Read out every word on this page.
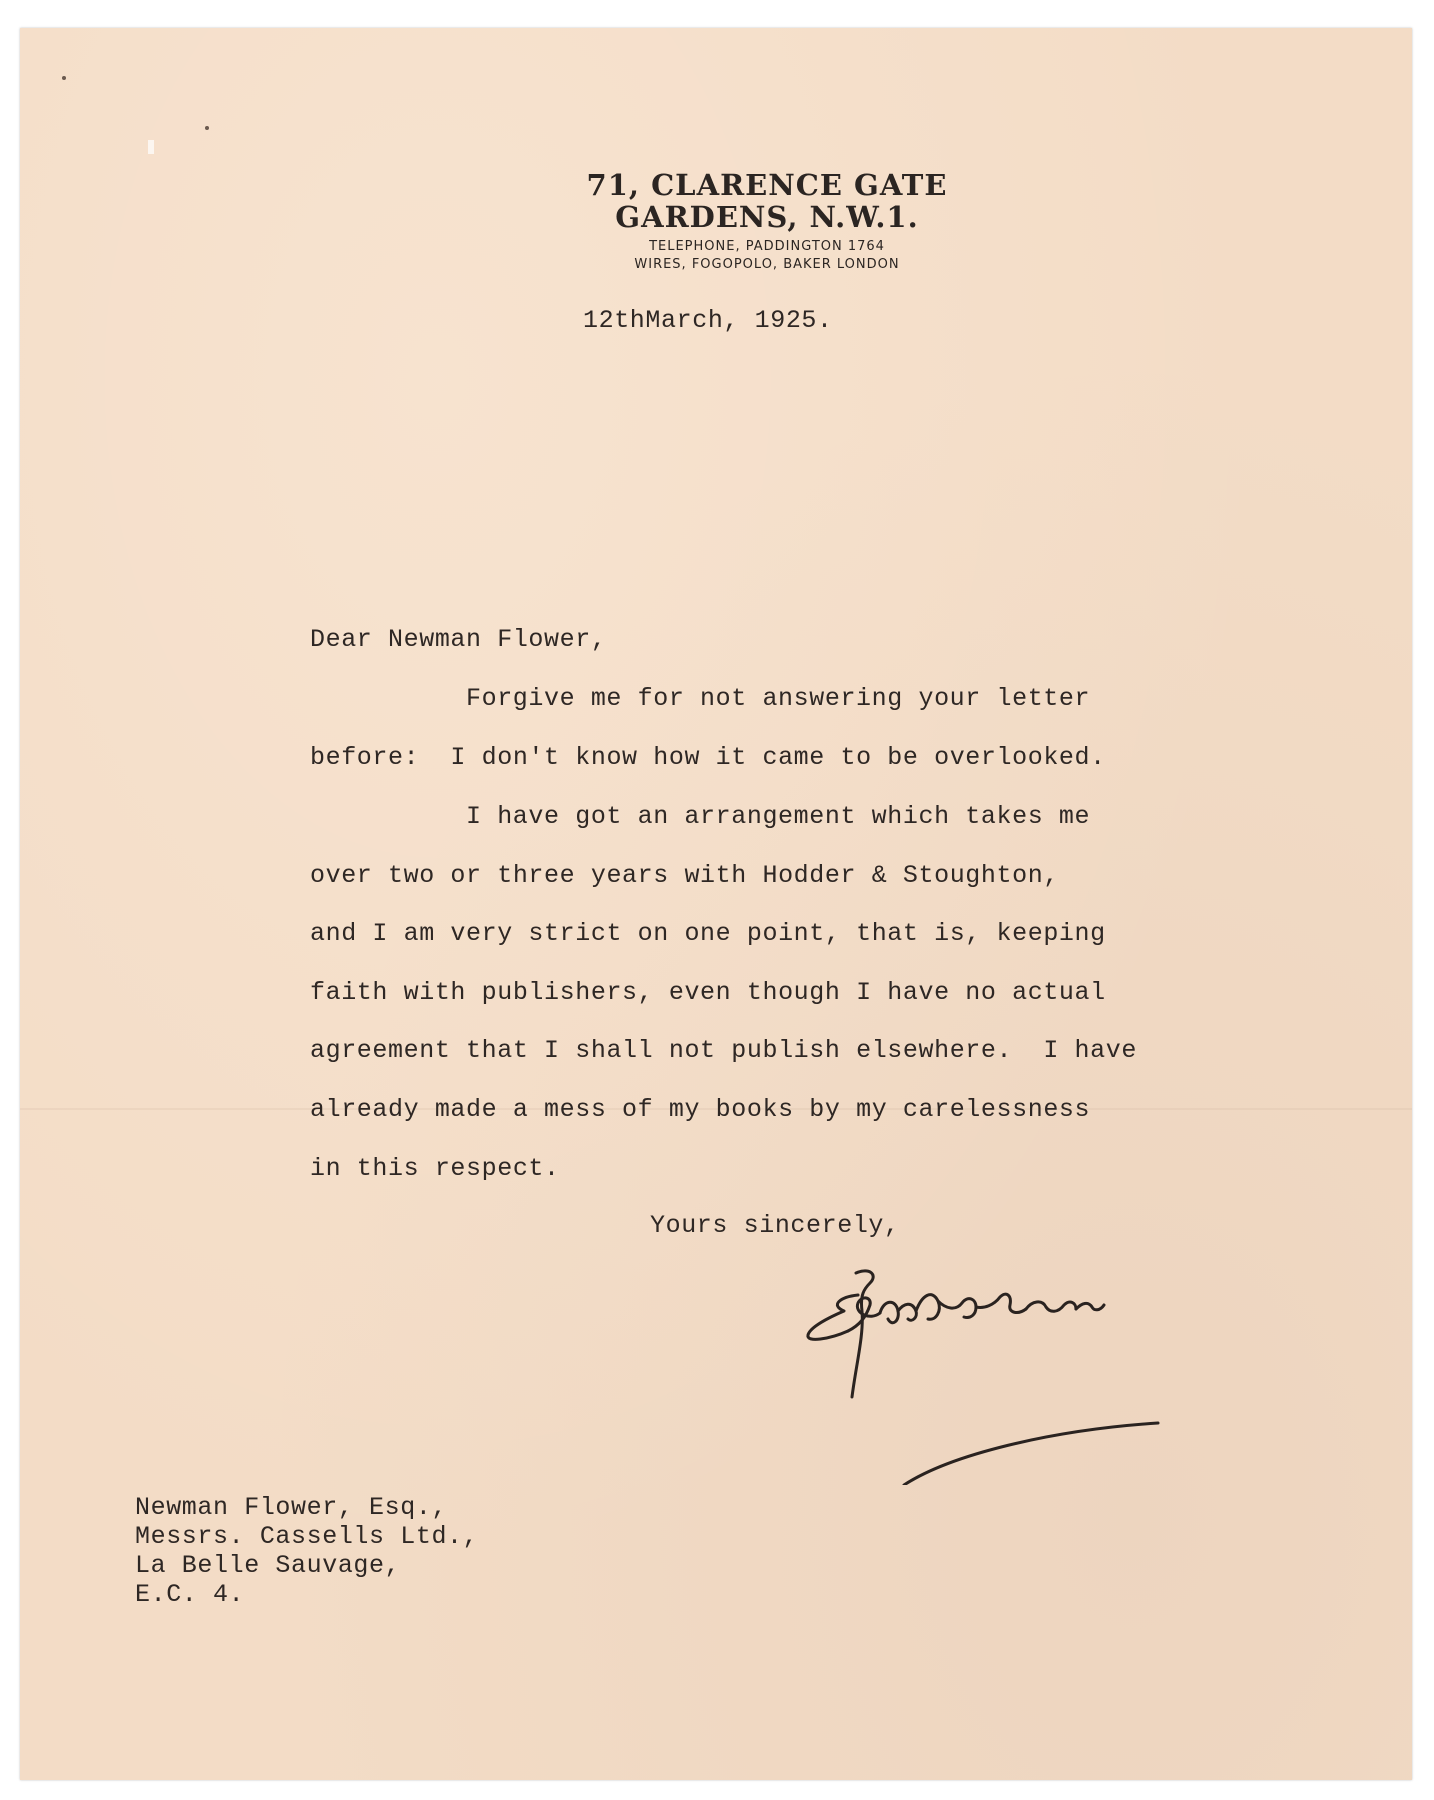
71, CLARENCE GATE
GARDENS, N.W.1.
TELEPHONE, PADDINGTON 1764
WIRES, FOGOPOLO, BAKER LONDON
12thMarch, 1925.
Dear Newman Flower,
Forgive me for not answering your letter
before:  I don't know how it came to be overlooked.
I have got an arrangement which takes me
over two or three years with Hodder & Stoughton,
and I am very strict on one point, that is, keeping
faith with publishers, even though I have no actual
agreement that I shall not publish elsewhere.  I have
already made a mess of my books by my carelessness
in this respect.
Yours sincerely,
Newman Flower, Esq.,
Messrs. Cassells Ltd.,
La Belle Sauvage,
E.C. 4.
